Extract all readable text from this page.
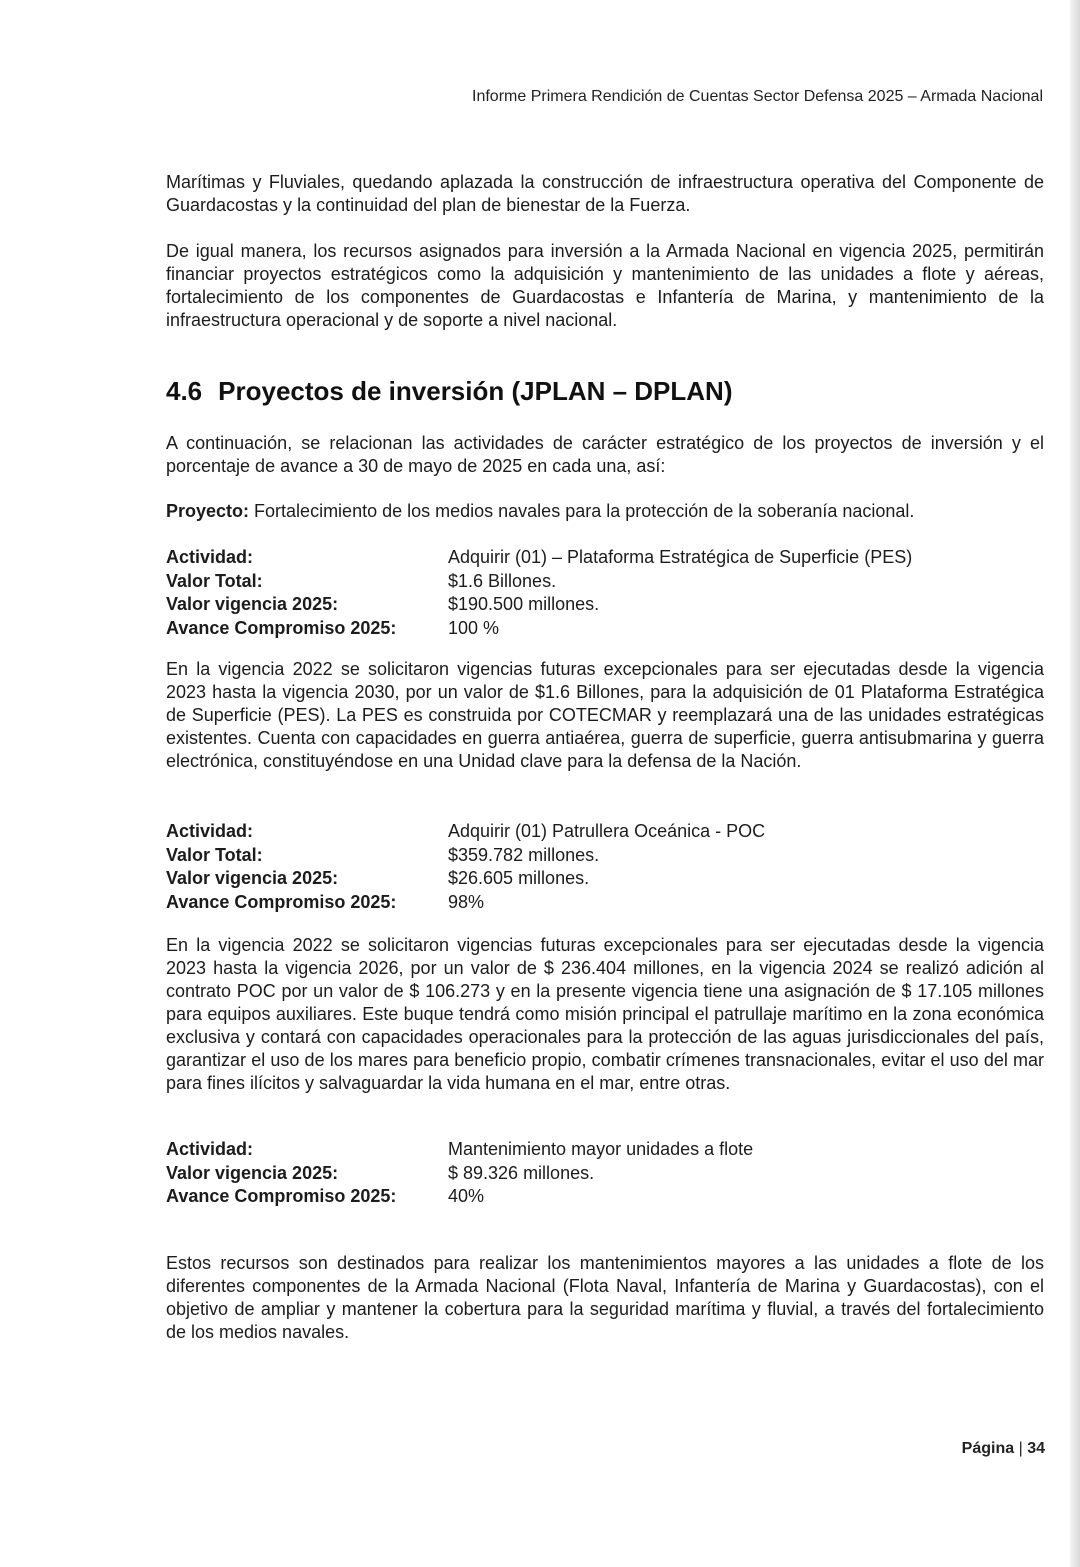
Informe Primera Rendición de Cuentas Sector Defensa 2025 – Armada Nacional

Marítimas y Fluviales, quedando aplazada la construcción de infraestructura operativa del Componente de Guardacostas y la continuidad del plan de bienestar de la Fuerza.

De igual manera, los recursos asignados para inversión a la Armada Nacional en vigencia 2025, permitirán financiar proyectos estratégicos como la adquisición y mantenimiento de las unidades a flote y aéreas, fortalecimiento de los componentes de Guardacostas e Infantería de Marina, y mantenimiento de la infraestructura operacional y de soporte a nivel nacional.

4.6 Proyectos de inversión (JPLAN – DPLAN)

A continuación, se relacionan las actividades de carácter estratégico de los proyectos de inversión y el porcentaje de avance a 30 de mayo de 2025 en cada una, así:

Proyecto: Fortalecimiento de los medios navales para la protección de la soberanía nacional.
Actividad:	Adquirir (01) – Plataforma Estratégica de Superficie (PES)
Valor Total:	$1.6 Billones.
Valor vigencia 2025:	$190.500 millones.
Avance Compromiso 2025:	100 %

En la vigencia 2022 se solicitaron vigencias futuras excepcionales para ser ejecutadas desde la vigencia 2023 hasta la vigencia 2030, por un valor de $1.6 Billones, para la adquisición de 01 Plataforma Estratégica de Superficie (PES). La PES es construida por COTECMAR y reemplazará una de las unidades estratégicas existentes. Cuenta con capacidades en guerra antiaérea, guerra de superficie, guerra antisubmarina y guerra electrónica, constituyéndose en una Unidad clave para la defensa de la Nación.

Actividad:	Adquirir (01) Patrullera Oceánica - POC
Valor Total:	$359.782 millones.
Valor vigencia 2025:	$26.605 millones.
Avance Compromiso 2025:	98%

En la vigencia 2022 se solicitaron vigencias futuras excepcionales para ser ejecutadas desde la vigencia 2023 hasta la vigencia 2026, por un valor de $ 236.404 millones, en la vigencia 2024 se realizó adición al contrato POC por un valor de $ 106.273 y en la presente vigencia tiene una asignación de $ 17.105 millones para equipos auxiliares. Este buque tendrá como misión principal el patrullaje marítimo en la zona económica exclusiva y contará con capacidades operacionales para la protección de las aguas jurisdiccionales del país, garantizar el uso de los mares para beneficio propio, combatir crímenes transnacionales, evitar el uso del mar para fines ilícitos y salvaguardar la vida humana en el mar, entre otras.

Actividad:	Mantenimiento mayor unidades a flote
Valor vigencia 2025:	$ 89.326 millones.
Avance Compromiso 2025:	40%

Estos recursos son destinados para realizar los mantenimientos mayores a las unidades a flote de los diferentes componentes de la Armada Nacional (Flota Naval, Infantería de Marina y Guardacostas), con el objetivo de ampliar y mantener la cobertura para la seguridad marítima y fluvial, a través del fortalecimiento de los medios navales.

Página | 34
